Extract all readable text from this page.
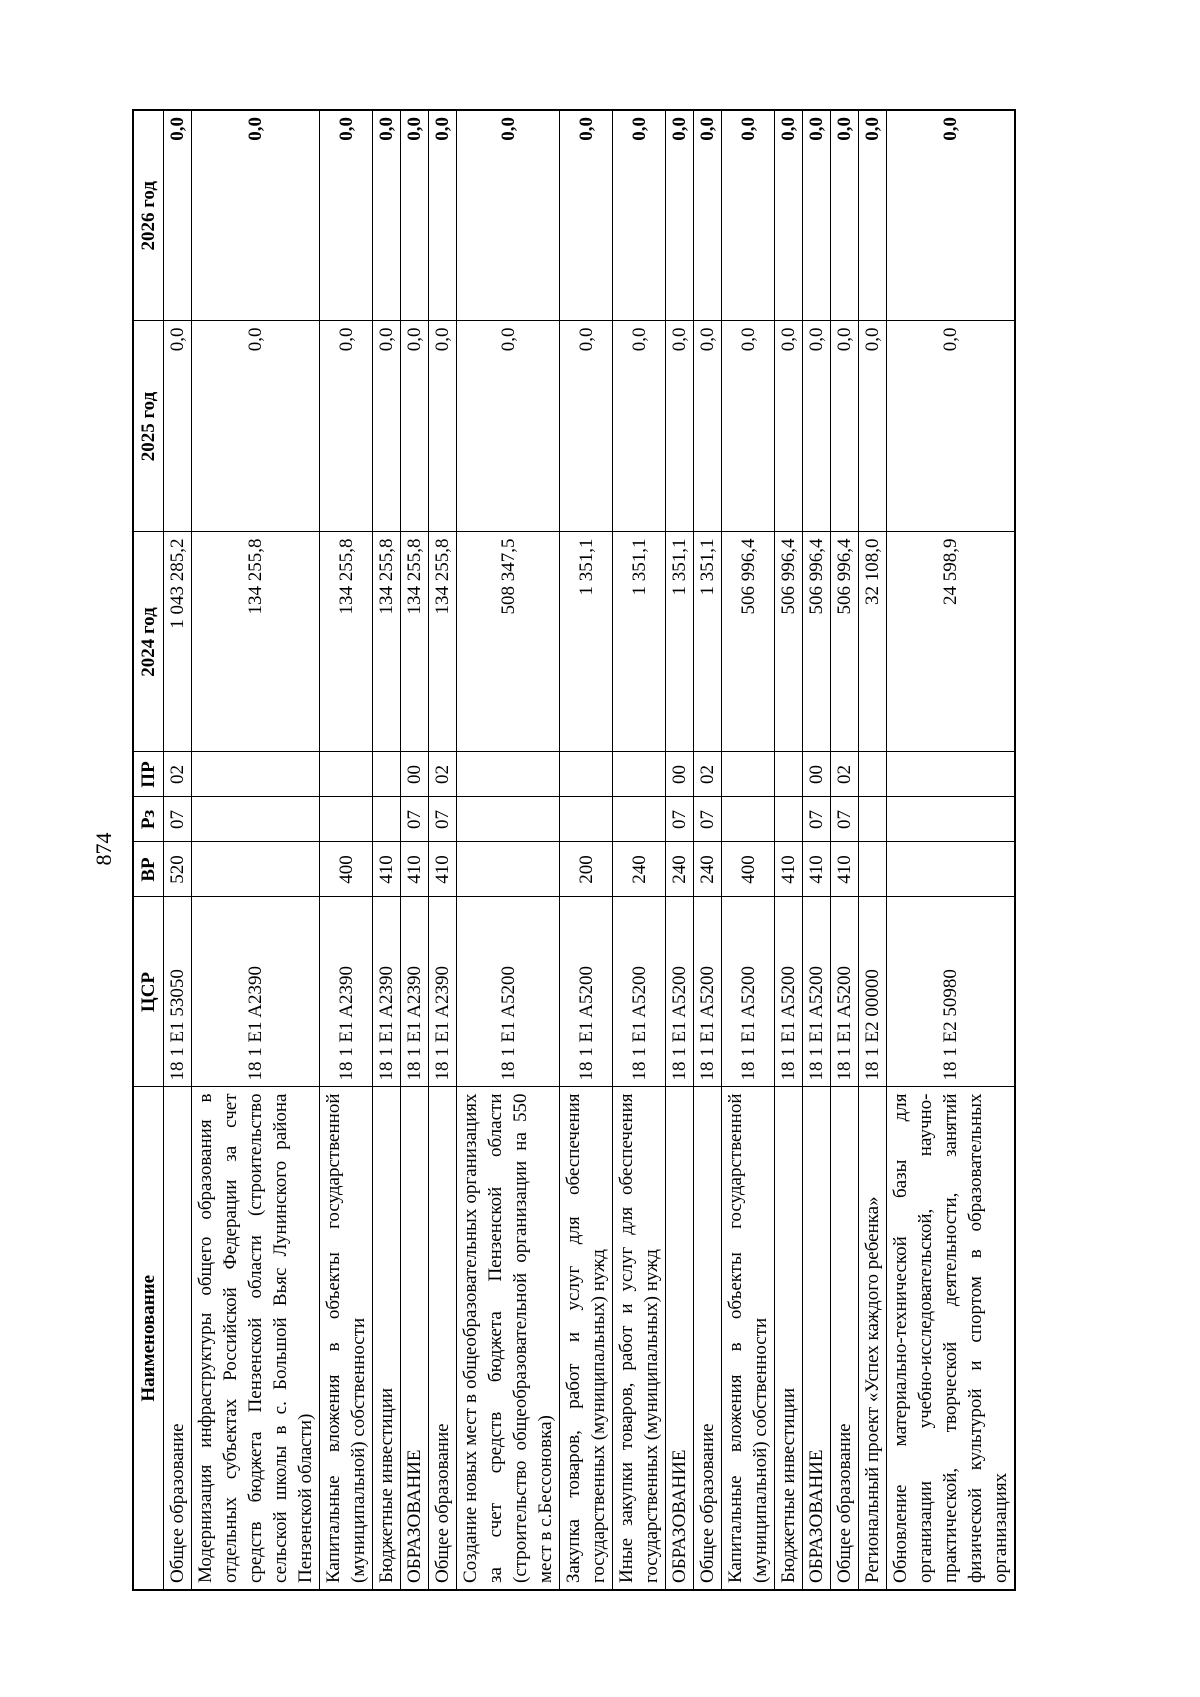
874
Наименование	ЦСР	ВР	Рз	ПР	2024 год	2025 год	2026 год
Общее образование	18 1 E1 53050	520	07	02	1 043 285,2	0,0	0,0
Модернизация инфраструктуры общего образования в отдельных субъектах Российской Федерации за счет средств бюджета Пензенской области (строительство сельской школы в с. Большой Вьяс Лунинского района Пензенской области)	18 1 E1 A2390				134 255,8	0,0	0,0
Капитальные вложения в объекты государственной (муниципальной) собственности	18 1 E1 A2390	400			134 255,8	0,0	0,0
Бюджетные инвестиции	18 1 E1 A2390	410			134 255,8	0,0	0,0
ОБРАЗОВАНИЕ	18 1 E1 A2390	410	07	00	134 255,8	0,0	0,0
Общее образование	18 1 E1 A2390	410	07	02	134 255,8	0,0	0,0
Создание новых мест в общеобразовательных организациях за счет средств бюджета Пензенской области (строительство общеобразовательной организации на 550 мест в с.Бессоновка)	18 1 E1 A5200				508 347,5	0,0	0,0
Закупка товаров, работ и услуг для обеспечения государственных (муниципальных) нужд	18 1 E1 A5200	200			1 351,1	0,0	0,0
Иные закупки товаров, работ и услуг для обеспечения государственных (муниципальных) нужд	18 1 E1 A5200	240			1 351,1	0,0	0,0
ОБРАЗОВАНИЕ	18 1 E1 A5200	240	07	00	1 351,1	0,0	0,0
Общее образование	18 1 E1 A5200	240	07	02	1 351,1	0,0	0,0
Капитальные вложения в объекты государственной (муниципальной) собственности	18 1 E1 A5200	400			506 996,4	0,0	0,0
Бюджетные инвестиции	18 1 E1 A5200	410			506 996,4	0,0	0,0
ОБРАЗОВАНИЕ	18 1 E1 A5200	410	07	00	506 996,4	0,0	0,0
Общее образование	18 1 E1 A5200	410	07	02	506 996,4	0,0	0,0
Региональный проект «Успех каждого ребенка»	18 1 E2 00000				32 108,0	0,0	0,0
Обновление материально-технической базы для организации учебно-исследовательской, научно-практической, творческой деятельности, занятий физической культурой и спортом в образовательных организациях	18 1 E2 50980				24 598,9	0,0	0,0
